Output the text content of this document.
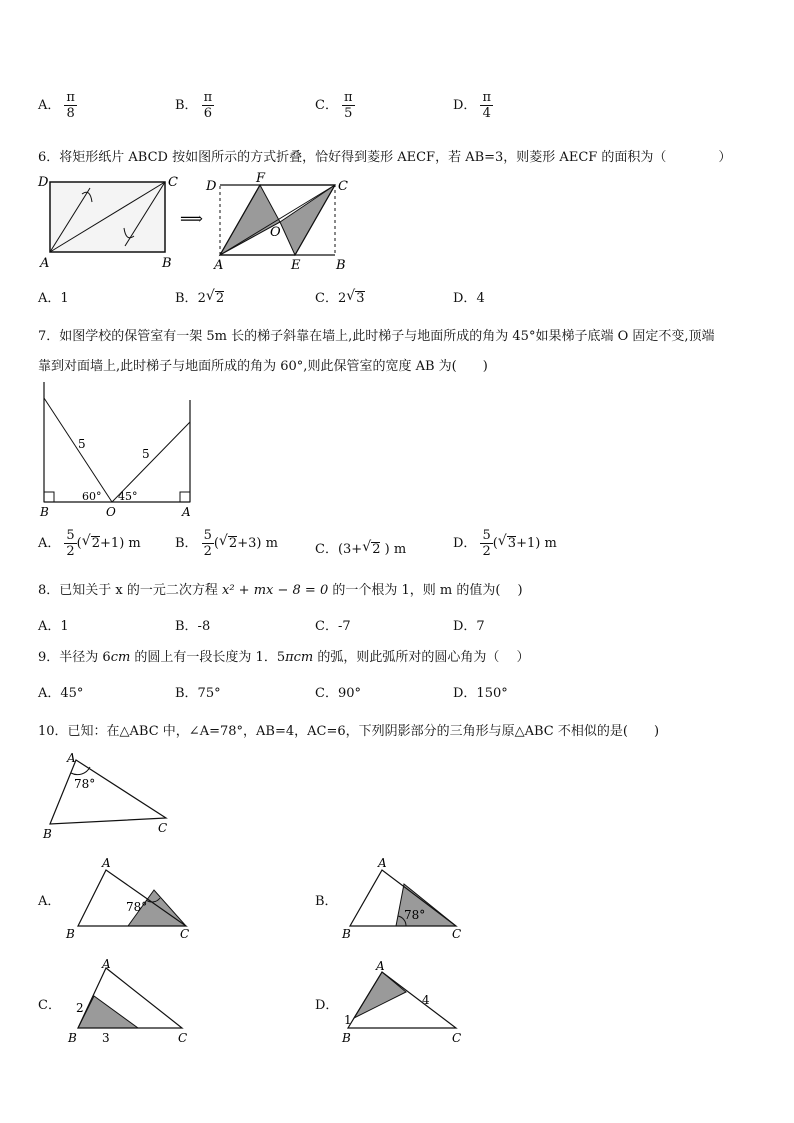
A． $\frac{\pi}{8}$	B． $\frac{\pi}{6}$	C． $\frac{\pi}{5}$	D． $\frac{\pi}{4}$
6．将矩形纸片 ABCD 按如图所示的方式折叠，恰好得到菱形 AECF，若 AB=3，则菱形 AECF 的面积为（　　　　）
D	C
A	B
⟹
D
F
C
O
A	E	B
A．1	B．2 √ 2	C．2 √ 3	D．4
7．如图学校的保管室有一架 5m 长的梯子斜靠在墙上,此时梯子与地面所成的角为 45°如果梯子底端 O 固定不变,顶端
靠到对面墙上,此时梯子与地面所成的角为 60°,则此保管室的宽度 AB 为(　　)
5
5
60° 45°
B	O	A
A． $\frac{5}{2}$ ( √ 2+1) m	B． $\frac{5}{2}$ ( √ 2+3) m	C．(3+ √ 2 ) m	D． $\frac{5}{2}$ ( √ 3+1) m
8．已知关于 x 的一元二次方程 x² + mx − 8 = 0 的一个根为 1，则 m 的值为(　 )
A．1	B．-8	C．-7	D．7
9．半径为 6cm 的圆上有一段长度为 1．5πcm 的弧，则此弧所对的圆心角为（　 ）
A．45°	B．75°	C．90°	D．150°
10．已知：在△ABC 中，∠A=78°，AB=4，AC=6，下列阴影部分的三角形与原△ABC 不相似的是(　　)
A
78°
B	C
A．
A
78°
B	C
B．
A
78°
B	C
C．
A
2
3
B	C
D．
A
1
4
B	C
